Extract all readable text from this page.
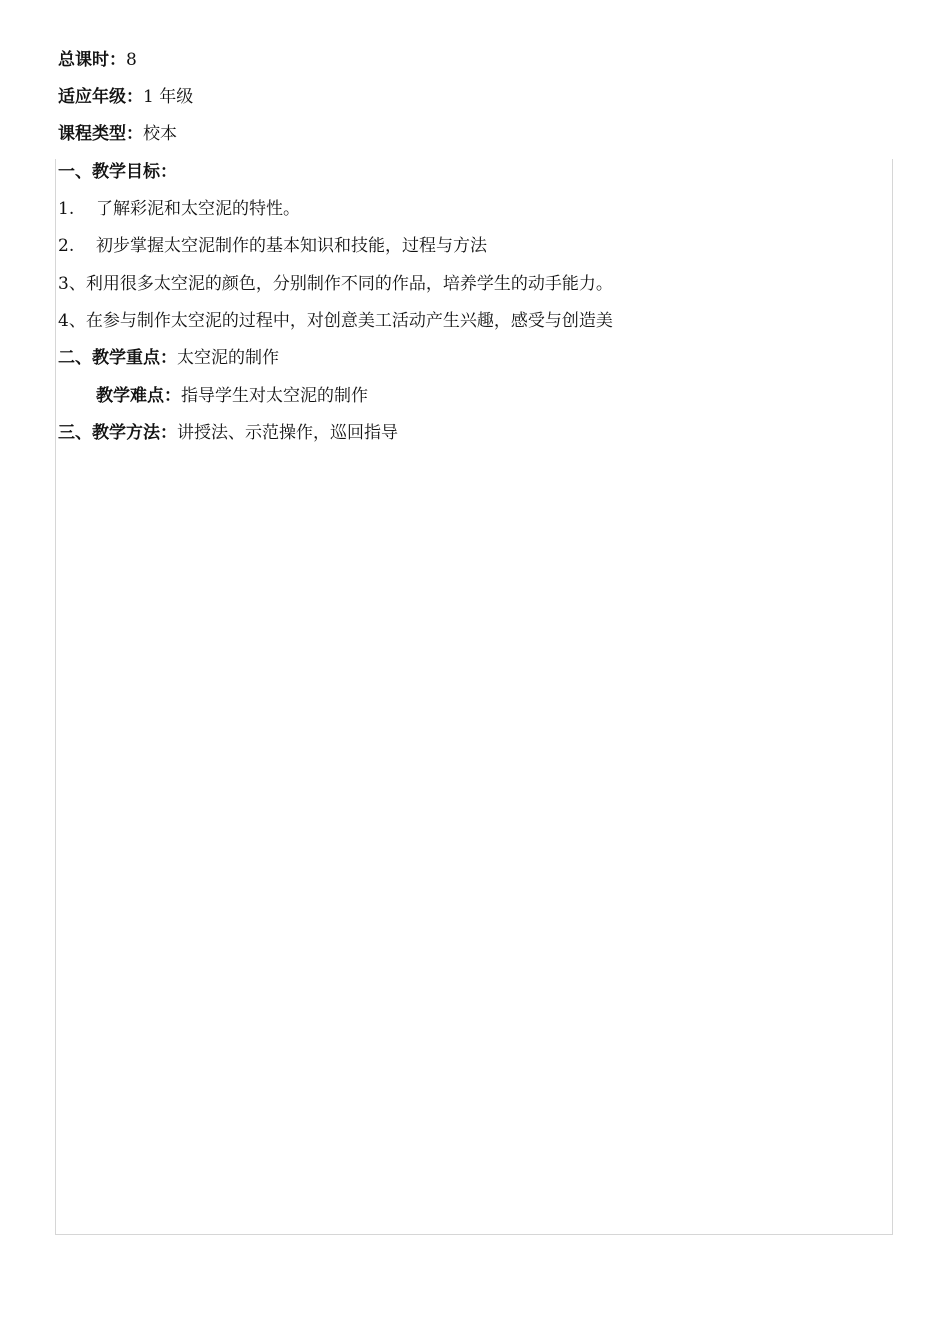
总课时：8
适应年级：1 年级
课程类型：校本
一、教学目标：
1. 了解彩泥和太空泥的特性。
2. 初步掌握太空泥制作的基本知识和技能，过程与方法
3、利用很多太空泥的颜色，分别制作不同的作品，培养学生的动手能力。
4、在参与制作太空泥的过程中，对创意美工活动产生兴趣，感受与创造美
二、教学重点：太空泥的制作
教学难点：指导学生对太空泥的制作
三、教学方法：讲授法、示范操作，巡回指导
